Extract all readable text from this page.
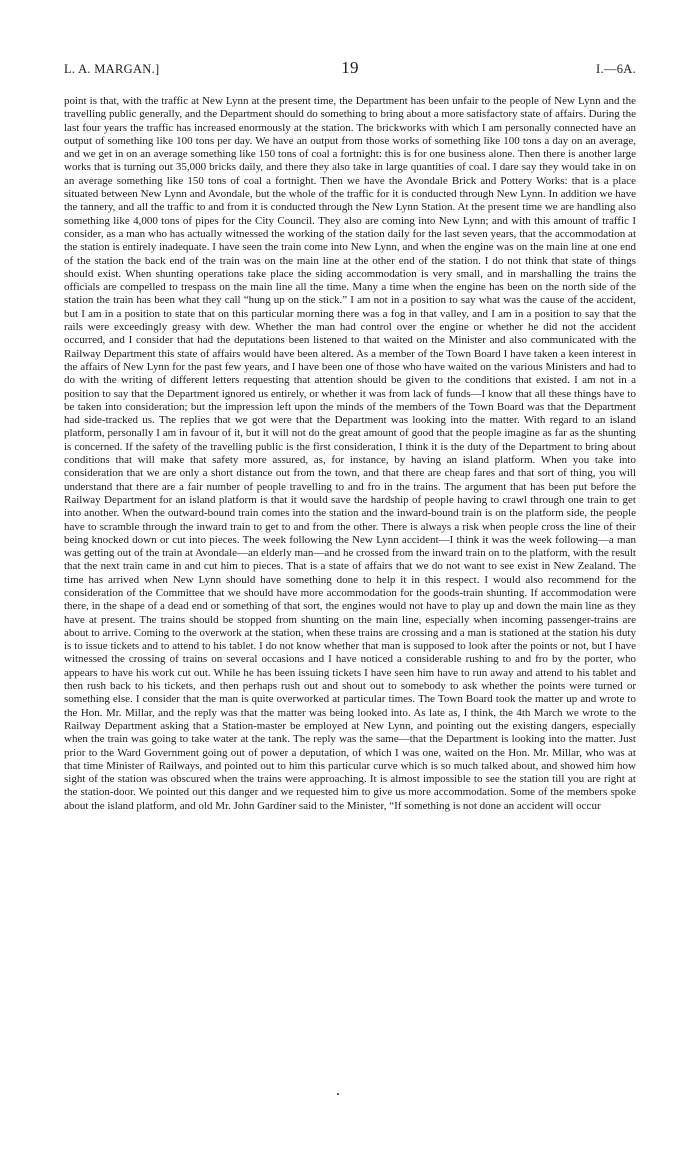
L. A. MARGAN.]	19	I.—6A.

point is that, with the traffic at New Lynn at the present time, the Department has been unfair to the people of New Lynn and the travelling public generally, and the Department should do something to bring about a more satisfactory state of affairs. During the last four years the traffic has increased enormously at the station. The brickworks with which I am personally connected have an output of something like 100 tons per day. We have an output from those works of something like 100 tons a day on an average, and we get in on an average something like 150 tons of coal a fortnight: this is for one business alone. Then there is another large works that is turning out 35,000 bricks daily, and there they also take in large quantities of coal. I dare say they would take in on an average something like 150 tons of coal a fortnight. Then we have the Avondale Brick and Pottery Works: that is a place situated between New Lynn and Avondale, but the whole of the traffic for it is conducted through New Lynn. In addition we have the tannery, and all the traffic to and from it is conducted through the New Lynn Station. At the present time we are handling also something like 4,000 tons of pipes for the City Council. They also are coming into New Lynn; and with this amount of traffic I consider, as a man who has actually witnessed the working of the station daily for the last seven years, that the accommodation at the station is entirely inadequate. I have seen the train come into New Lynn, and when the engine was on the main line at one end of the station the back end of the train was on the main line at the other end of the station. I do not think that state of things should exist. When shunting operations take place the siding accommodation is very small, and in marshalling the trains the officials are compelled to trespass on the main line all the time. Many a time when the engine has been on the north side of the station the train has been what they call “hung up on the stick.” I am not in a position to say what was the cause of the accident, but I am in a position to state that on this particular morning there was a fog in that valley, and I am in a position to say that the rails were exceedingly greasy with dew. Whether the man had control over the engine or whether he did not the accident occurred, and I consider that had the deputations been listened to that waited on the Minister and also communicated with the Railway Department this state of affairs would have been altered. As a member of the Town Board I have taken a keen interest in the affairs of New Lynn for the past few years, and I have been one of those who have waited on the various Ministers and had to do with the writing of different letters requesting that attention should be given to the conditions that existed. I am not in a position to say that the Department ignored us entirely, or whether it was from lack of funds—I know that all these things have to be taken into consideration; but the impression left upon the minds of the members of the Town Board was that the Department had side-tracked us. The replies that we got were that the Department was looking into the matter. With regard to an island platform, personally I am in favour of it, but it will not do the great amount of good that the people imagine as far as the shunting is concerned. If the safety of the travelling public is the first consideration, I think it is the duty of the Department to bring about conditions that will make that safety more assured, as, for instance, by having an island platform. When you take into consideration that we are only a short distance out from the town, and that there are cheap fares and that sort of thing, you will understand that there are a fair number of people travelling to and fro in the trains. The argument that has been put before the Railway Department for an island platform is that it would save the hardship of people having to crawl through one train to get into another. When the outward-bound train comes into the station and the inward-bound train is on the platform side, the people have to scramble through the inward train to get to and from the other. There is always a risk when people cross the line of their being knocked down or cut into pieces. The week following the New Lynn accident—I think it was the week following—a man was getting out of the train at Avondale—an elderly man—and he crossed from the inward train on to the platform, with the result that the next train came in and cut him to pieces. That is a state of affairs that we do not want to see exist in New Zealand. The time has arrived when New Lynn should have something done to help it in this respect. I would also recommend for the consideration of the Committee that we should have more accommodation for the goods-train shunting. If accommodation were there, in the shape of a dead end or something of that sort, the engines would not have to play up and down the main line as they have at present. The trains should be stopped from shunting on the main line, especially when incoming passenger-trains are about to arrive. Coming to the overwork at the station, when these trains are crossing and a man is stationed at the station his duty is to issue tickets and to attend to his tablet. I do not know whether that man is supposed to look after the points or not, but I have witnessed the crossing of trains on several occasions and I have noticed a considerable rushing to and fro by the porter, who appears to have his work cut out. While he has been issuing tickets I have seen him have to run away and attend to his tablet and then rush back to his tickets, and then perhaps rush out and shout out to somebody to ask whether the points were turned or something else. I consider that the man is quite overworked at particular times. The Town Board took the matter up and wrote to the Hon. Mr. Millar, and the reply was that the matter was being looked into. As late as, I think, the 4th March we wrote to the Railway Department asking that a Station-master be employed at New Lynn, and pointing out the existing dangers, especially when the train was going to take water at the tank. The reply was the same—that the Department is looking into the matter. Just prior to the Ward Government going out of power a deputation, of which I was one, waited on the Hon. Mr. Millar, who was at that time Minister of Railways, and pointed out to him this particular curve which is so much talked about, and showed him how sight of the station was obscured when the trains were approaching. It is almost impossible to see the station till you are right at the station-door. We pointed out this danger and we requested him to give us more accommodation. Some of the members spoke about the island platform, and old Mr. John Gardiner said to the Minister, “If something is not done an accident will occur

.
